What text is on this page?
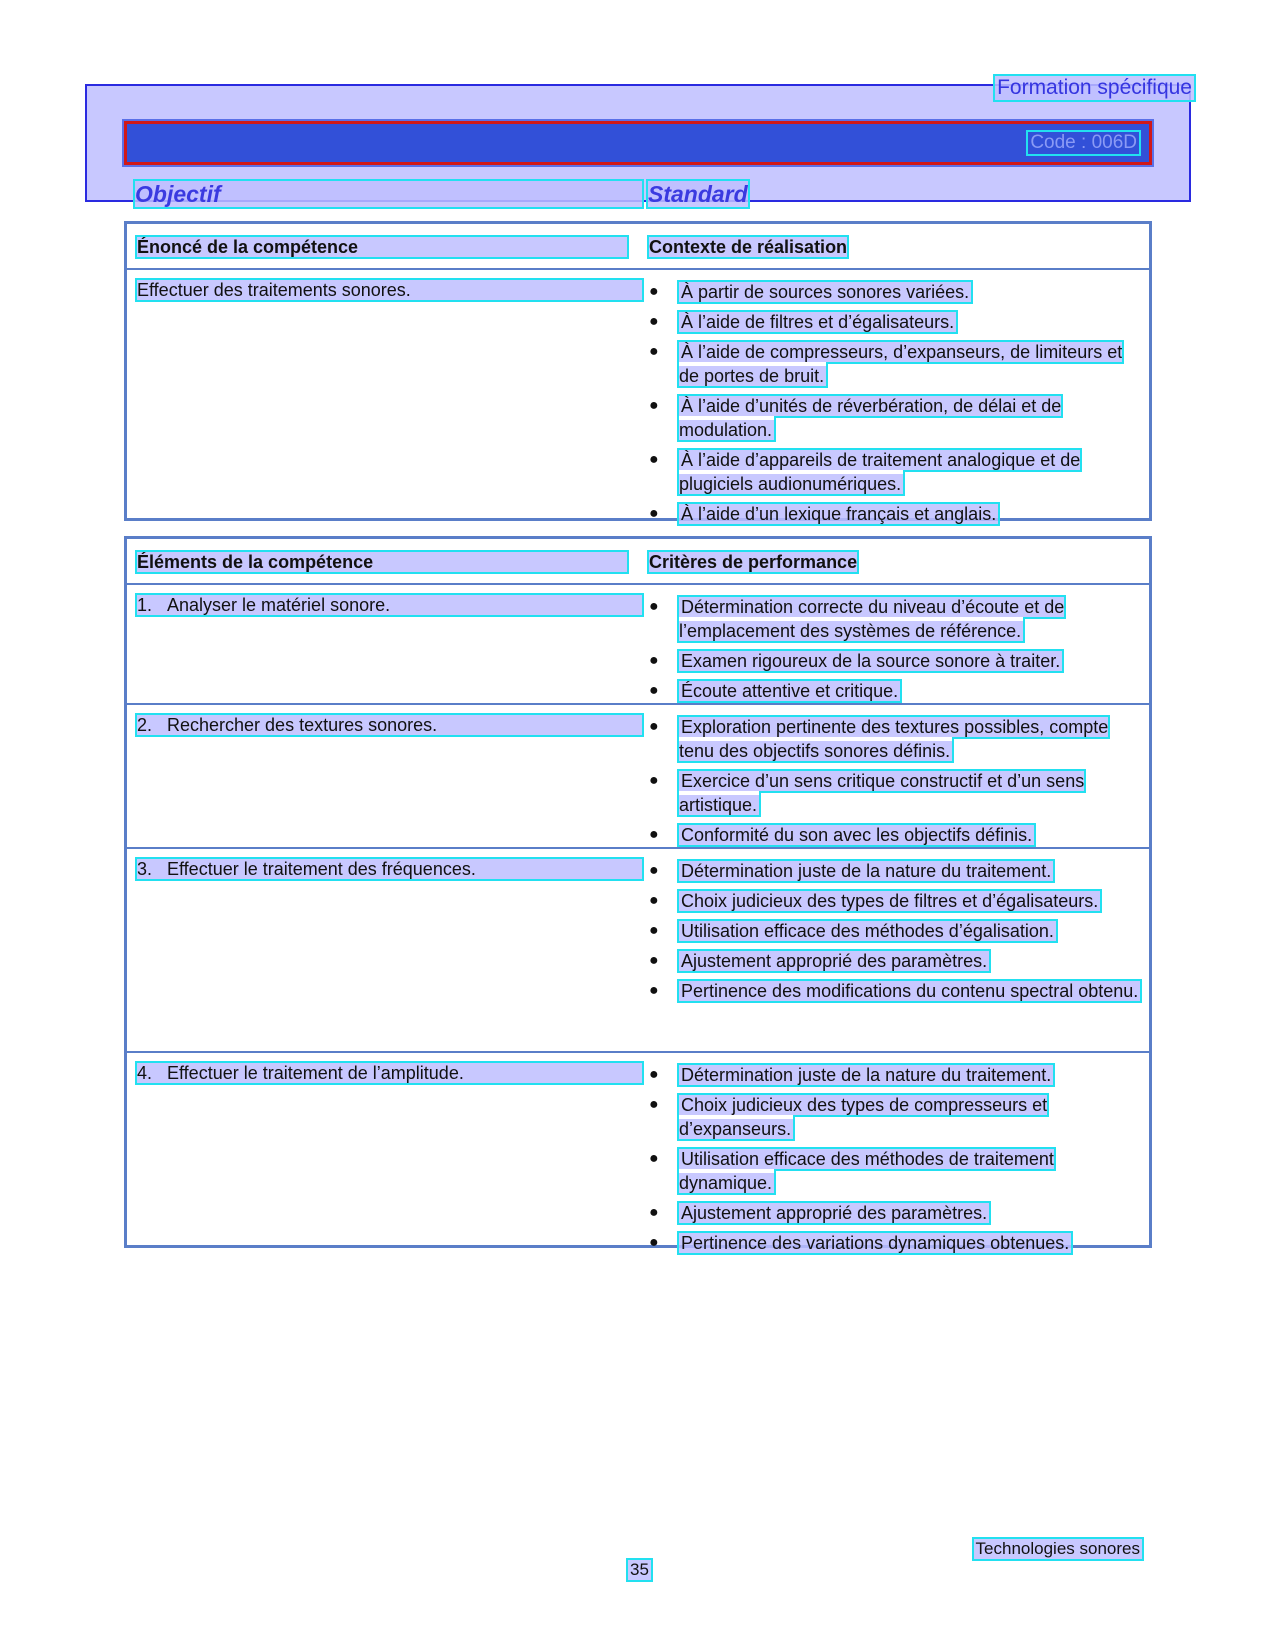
Formation spécifique
Code : 006D
Objectif	Standard
Énoncé de la compétence	Contexte de réalisation
Effectuer des traitements sonores.	● À partir de sources sonores variées.
● À l’aide de filtres et d’égalisateurs.
● À l’aide de compresseurs, d’expanseurs, de limiteurs et de portes de bruit.
● À l’aide d’unités de réverbération, de délai et de modulation.
● À l’aide d’appareils de traitement analogique et de plugiciels audionumériques.
● À l’aide d’un lexique français et anglais.
Éléments de la compétence	Critères de performance
1. Analyser le matériel sonore.	● Détermination correcte du niveau d’écoute et de l’emplacement des systèmes de référence.
● Examen rigoureux de la source sonore à traiter.
● Écoute attentive et critique.
2. Rechercher des textures sonores.	● Exploration pertinente des textures possibles, compte tenu des objectifs sonores définis.
● Exercice d’un sens critique constructif et d’un sens artistique.
● Conformité du son avec les objectifs définis.
3. Effectuer le traitement des fréquences.	● Détermination juste de la nature du traitement.
● Choix judicieux des types de filtres et d’égalisateurs.
● Utilisation efficace des méthodes d’égalisation.
● Ajustement approprié des paramètres.
● Pertinence des modifications du contenu spectral obtenu.
4. Effectuer le traitement de l’amplitude.	● Détermination juste de la nature du traitement.
● Choix judicieux des types de compresseurs et d’expanseurs.
● Utilisation efficace des méthodes de traitement dynamique.
● Ajustement approprié des paramètres.
● Pertinence des variations dynamiques obtenues.
Technologies sonores
35
